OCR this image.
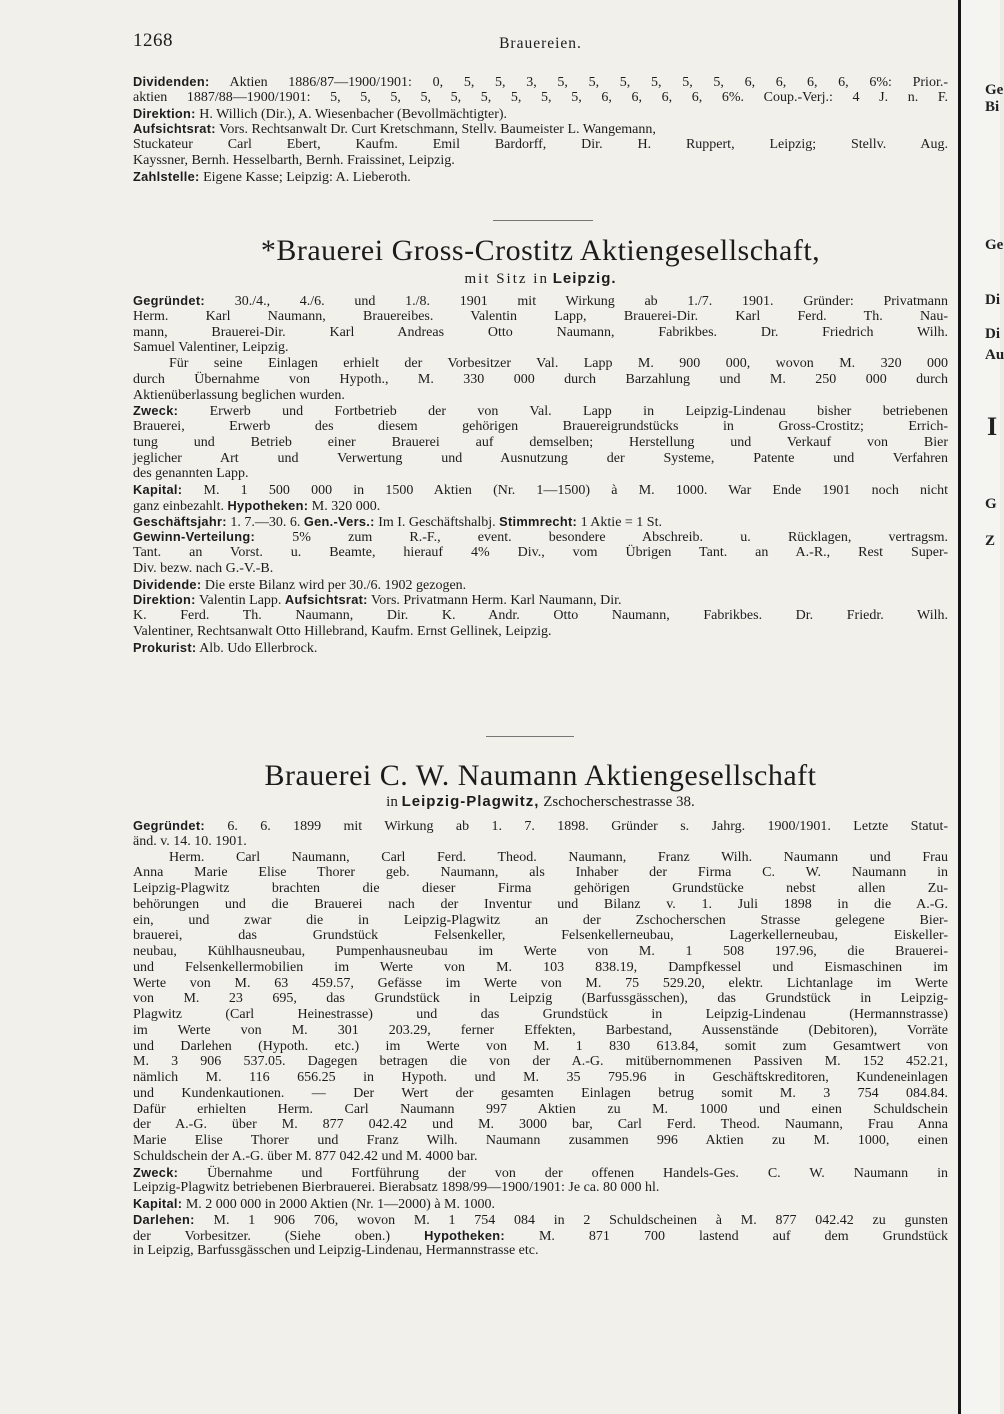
1268	Brauereien.
Dividenden: Aktien 1886/87—1900/1901: 0, 5, 5, 3, 5, 5, 5, 5, 5, 5, 6, 6, 6, 6, 6%: Prior.-
aktien 1887/88—1900/1901: 5, 5, 5, 5, 5, 5, 5, 5, 5, 6, 6, 6, 6, 6%. Coup.-Verj.: 4 J. n. F.
Direktion: H. Willich (Dir.), A. Wiesenbacher (Bevollmächtigter).
Aufsichtsrat: Vors. Rechtsanwalt Dr. Curt Kretschmann, Stellv. Baumeister L. Wangemann,
Stuckateur Carl Ebert, Kaufm. Emil Bardorff, Dir. H. Ruppert, Leipzig; Stellv. Aug.
Kayssner, Bernh. Hesselbarth, Bernh. Fraissinet, Leipzig.
Zahlstelle: Eigene Kasse; Leipzig: A. Lieberoth.
*Brauerei Gross-Crostitz Aktiengesellschaft,
mit Sitz in Leipzig.
Gegründet: 30./4., 4./6. und 1./8. 1901 mit Wirkung ab 1./7. 1901. Gründer: Privatmann
Herm. Karl Naumann, Brauereibes. Valentin Lapp, Brauerei-Dir. Karl Ferd. Th. Nau-
mann, Brauerei-Dir. Karl Andreas Otto Naumann, Fabrikbes. Dr. Friedrich Wilh.
Samuel Valentiner, Leipzig.
Für seine Einlagen erhielt der Vorbesitzer Val. Lapp M. 900 000, wovon M. 320 000
durch Übernahme von Hypoth., M. 330 000 durch Barzahlung und M. 250 000 durch
Aktienüberlassung beglichen wurden.
Zweck: Erwerb und Fortbetrieb der von Val. Lapp in Leipzig-Lindenau bisher betriebenen
Brauerei, Erwerb des diesem gehörigen Brauereigrundstücks in Gross-Crostitz; Errich-
tung und Betrieb einer Brauerei auf demselben; Herstellung und Verkauf von Bier
jeglicher Art und Verwertung und Ausnutzung der Systeme, Patente und Verfahren
des genannten Lapp.
Kapital: M. 1 500 000 in 1500 Aktien (Nr. 1—1500) à M. 1000. War Ende 1901 noch nicht
ganz einbezahlt. Hypotheken: M. 320 000.
Geschäftsjahr: 1. 7.—30. 6. Gen.-Vers.: Im I. Geschäftshalbj. Stimmrecht: 1 Aktie = 1 St.
Gewinn-Verteilung:	5% zum R.-F., event. besondere Abschreib. u. Rücklagen, vertragsm.
Tant. an Vorst. u. Beamte, hierauf 4% Div., vom Übrigen Tant. an A.-R., Rest Super-
Div. bezw. nach G.-V.-B.
Dividende: Die erste Bilanz wird per 30./6. 1902 gezogen.
Direktion: Valentin Lapp. Aufsichtsrat: Vors. Privatmann Herm. Karl Naumann, Dir.
K. Ferd. Th. Naumann, Dir. K. Andr. Otto Naumann, Fabrikbes. Dr. Friedr. Wilh.
Valentiner, Rechtsanwalt Otto Hillebrand, Kaufm. Ernst Gellinek, Leipzig.
Prokurist: Alb. Udo Ellerbrock.
Brauerei C. W. Naumann Aktiengesellschaft
in Leipzig-Plagwitz, Zschocherschestrasse 38.
Gegründet: 6. 6. 1899 mit Wirkung ab 1. 7. 1898. Gründer s. Jahrg. 1900/1901. Letzte Statut-
änd. v. 14. 10. 1901.
Herm. Carl Naumann, Carl Ferd. Theod. Naumann, Franz Wilh. Naumann und Frau
Anna Marie Elise Thorer geb. Naumann, als Inhaber der Firma C. W. Naumann in
Leipzig-Plagwitz brachten die dieser Firma gehörigen Grundstücke nebst allen Zu-
behörungen und die Brauerei nach der Inventur und Bilanz v. 1. Juli 1898 in die A.-G.
ein, und zwar die in Leipzig-Plagwitz an der Zschocherschen Strasse gelegene Bier-
brauerei, das Grundstück Felsenkeller, Felsenkellerneubau, Lagerkellerneubau, Eiskeller-
neubau, Kühlhausneubau, Pumpenhausneubau im Werte von M. 1 508 197.96, die Brauerei-
und Felsenkellermobilien im Werte von M. 103 838.19, Dampfkessel und Eismaschinen im
Werte von M. 63 459.57, Gefässe im Werte von M. 75 529.20, elektr. Lichtanlage im Werte
von M. 23 695, das Grundstück in Leipzig (Barfussgässchen), das Grundstück in Leipzig-
Plagwitz (Carl Heinestrasse) und das Grundstück in Leipzig-Lindenau (Hermannstrasse)
im Werte von M. 301 203.29, ferner Effekten, Barbestand, Aussenstände (Debitoren), Vorräte
und Darlehen (Hypoth. etc.) im Werte von M. 1 830 613.84, somit zum Gesamtwert von
M. 3 906 537.05. Dagegen betragen die von der A.-G. mitübernommenen Passiven M. 152 452.21,
nämlich M. 116 656.25 in Hypoth. und M. 35 795.96 in Geschäftskreditoren, Kundeneinlagen
und Kundenkautionen. — Der Wert der gesamten Einlagen betrug somit M. 3 754 084.84.
Dafür erhielten Herm. Carl Naumann 997 Aktien zu M. 1000 und einen Schuldschein
der A.-G. über M. 877 042.42 und M. 3000 bar, Carl Ferd. Theod. Naumann, Frau Anna
Marie Elise Thorer und Franz Wilh. Naumann zusammen 996 Aktien zu M. 1000, einen
Schuldschein der A.-G. über M. 877 042.42 und M. 4000 bar.
Zweck: Übernahme und Fortführung der von der offenen Handels-Ges. C. W. Naumann in
Leipzig-Plagwitz betriebenen Bierbrauerei. Bierabsatz 1898/99—1900/1901: Je ca. 80 000 hl.
Kapital: M. 2 000 000 in 2000 Aktien (Nr. 1—2000) à M. 1000.
Darlehen: M. 1 906 706, wovon M. 1 754 084 in 2 Schuldscheinen à M. 877 042.42 zu gunsten
der Vorbesitzer. (Siehe oben.)	Hypotheken: M. 871 700 lastend auf dem Grundstück
in Leipzig, Barfussgässchen und Leipzig-Lindenau, Hermannstrasse etc.
Ge
Bi
Ge
Di
Di
Au
I
G
Z
